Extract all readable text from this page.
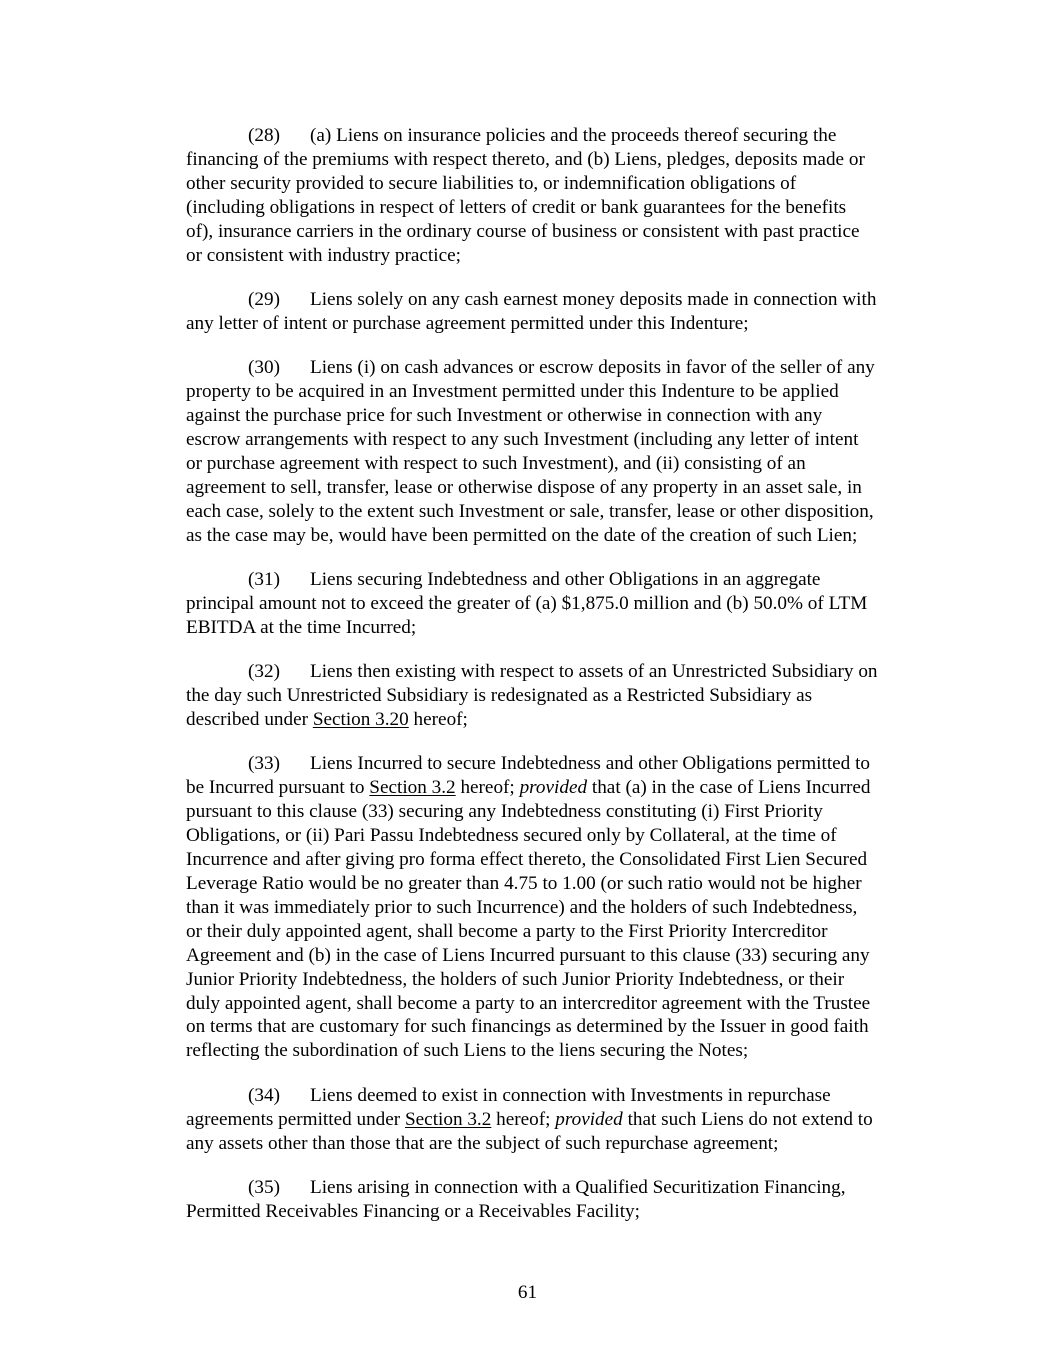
(28) (a) Liens on insurance policies and the proceeds thereof securing the
financing of the premiums with respect thereto, and (b) Liens, pledges, deposits made or
other security provided to secure liabilities to, or indemnification obligations of
(including obligations in respect of letters of credit or bank guarantees for the benefits
of), insurance carriers in the ordinary course of business or consistent with past practice
or consistent with industry practice;

(29) Liens solely on any cash earnest money deposits made in connection with
any letter of intent or purchase agreement permitted under this Indenture;

(30) Liens (i) on cash advances or escrow deposits in favor of the seller of any
property to be acquired in an Investment permitted under this Indenture to be applied
against the purchase price for such Investment or otherwise in connection with any
escrow arrangements with respect to any such Investment (including any letter of intent
or purchase agreement with respect to such Investment), and (ii) consisting of an
agreement to sell, transfer, lease or otherwise dispose of any property in an asset sale, in
each case, solely to the extent such Investment or sale, transfer, lease or other disposition,
as the case may be, would have been permitted on the date of the creation of such Lien;

(31) Liens securing Indebtedness and other Obligations in an aggregate
principal amount not to exceed the greater of (a) $1,875.0 million and (b) 50.0% of LTM
EBITDA at the time Incurred;

(32) Liens then existing with respect to assets of an Unrestricted Subsidiary on
the day such Unrestricted Subsidiary is redesignated as a Restricted Subsidiary as
described under Section 3.20 hereof;

(33) Liens Incurred to secure Indebtedness and other Obligations permitted to
be Incurred pursuant to Section 3.2 hereof; provided that (a) in the case of Liens Incurred
pursuant to this clause (33) securing any Indebtedness constituting (i) First Priority
Obligations, or (ii) Pari Passu Indebtedness secured only by Collateral, at the time of
Incurrence and after giving pro forma effect thereto, the Consolidated First Lien Secured
Leverage Ratio would be no greater than 4.75 to 1.00 (or such ratio would not be higher
than it was immediately prior to such Incurrence) and the holders of such Indebtedness,
or their duly appointed agent, shall become a party to the First Priority Intercreditor
Agreement and (b) in the case of Liens Incurred pursuant to this clause (33) securing any
Junior Priority Indebtedness, the holders of such Junior Priority Indebtedness, or their
duly appointed agent, shall become a party to an intercreditor agreement with the Trustee
on terms that are customary for such financings as determined by the Issuer in good faith
reflecting the subordination of such Liens to the liens securing the Notes;

(34) Liens deemed to exist in connection with Investments in repurchase
agreements permitted under Section 3.2 hereof; provided that such Liens do not extend to
any assets other than those that are the subject of such repurchase agreement;

(35) Liens arising in connection with a Qualified Securitization Financing,
Permitted Receivables Financing or a Receivables Facility;

61
